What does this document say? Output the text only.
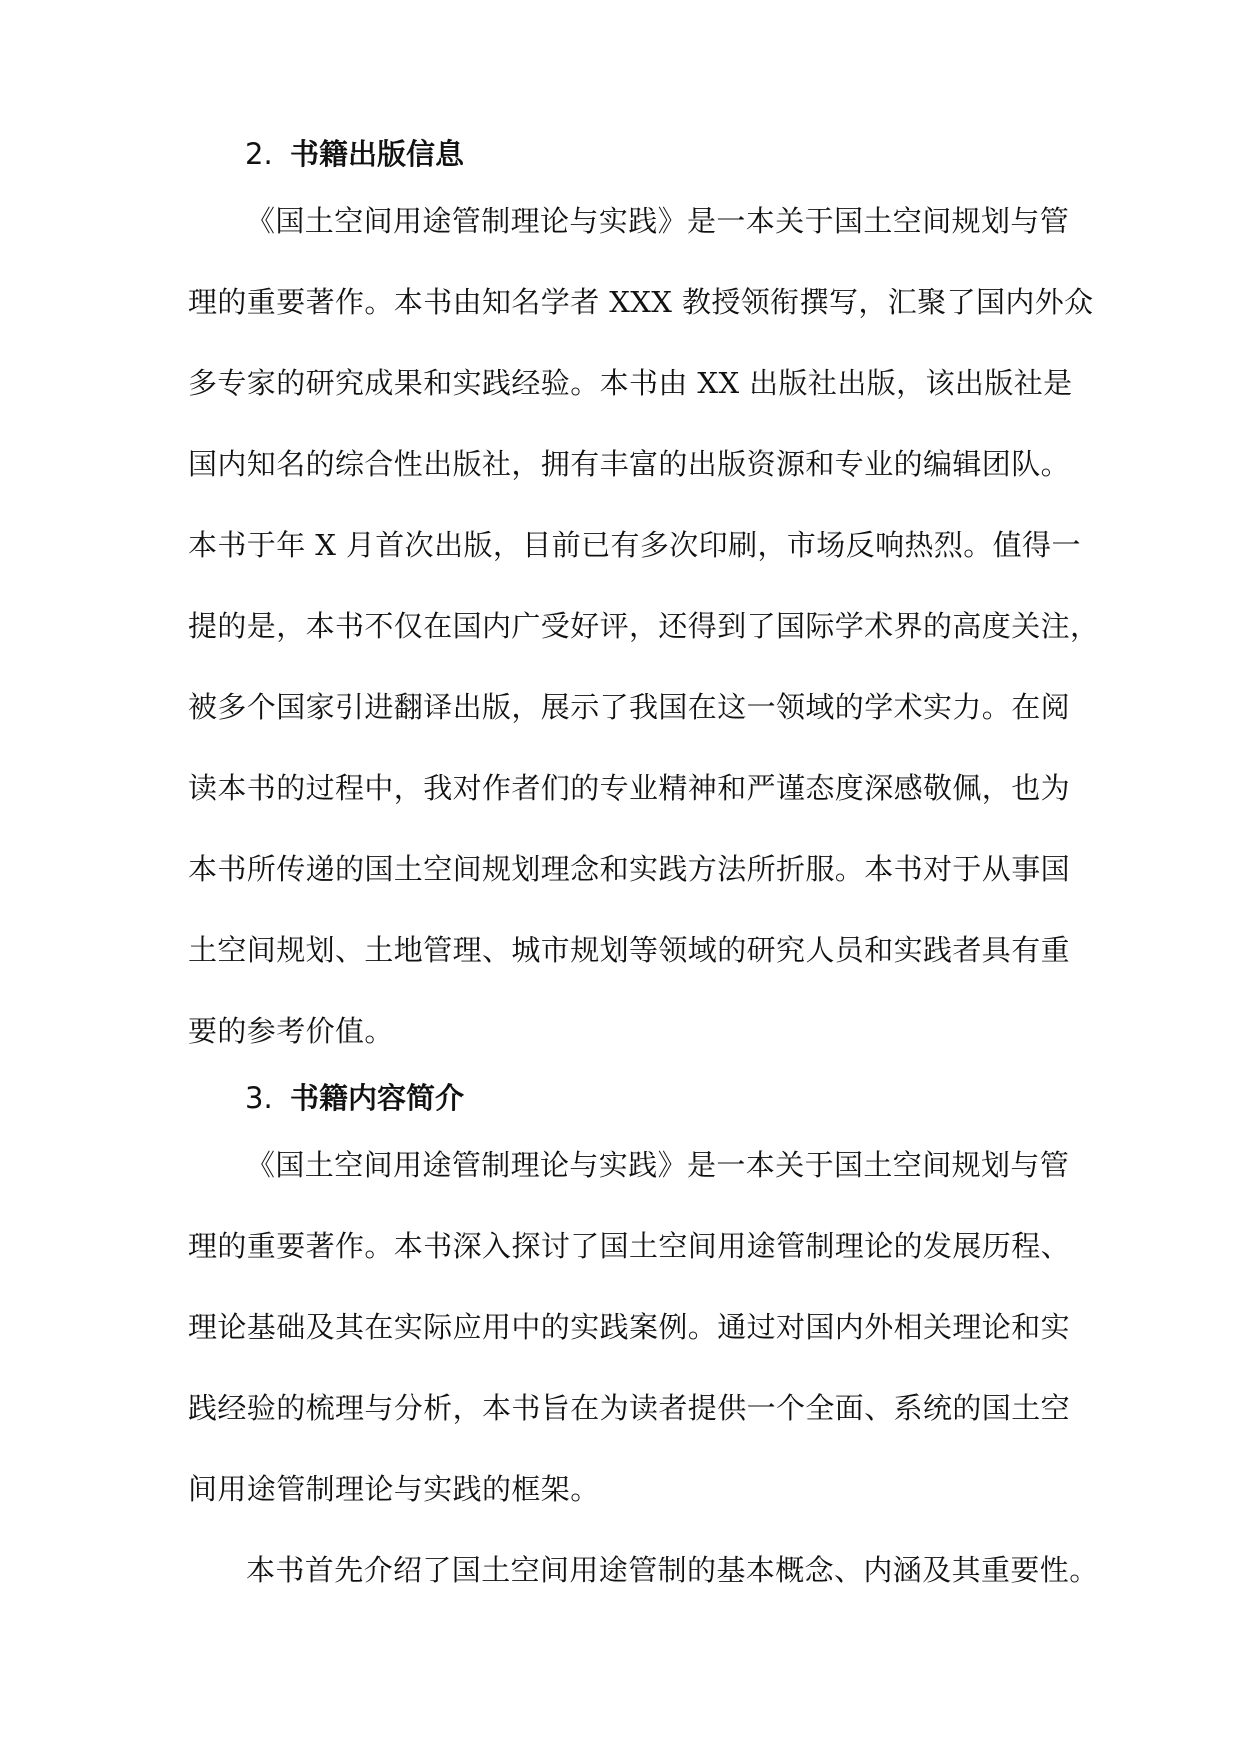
2. 书籍出版信息
《国土空间用途管制理论与实践》是一本关于国土空间规划与管
理的重要著作。本书由知名学者 XXX 教授领衔撰写，汇聚了国内外众
多专家的研究成果和实践经验。本书由 XX 出版社出版，该出版社是
国内知名的综合性出版社，拥有丰富的出版资源和专业的编辑团队。
本书于年 X 月首次出版，目前已有多次印刷，市场反响热烈。值得一
提的是，本书不仅在国内广受好评，还得到了国际学术界的高度关注，
被多个国家引进翻译出版，展示了我国在这一领域的学术实力。在阅
读本书的过程中，我对作者们的专业精神和严谨态度深感敬佩，也为
本书所传递的国土空间规划理念和实践方法所折服。本书对于从事国
土空间规划、土地管理、城市规划等领域的研究人员和实践者具有重
要的参考价值。
3. 书籍内容简介
《国土空间用途管制理论与实践》是一本关于国土空间规划与管
理的重要著作。本书深入探讨了国土空间用途管制理论的发展历程、
理论基础及其在实际应用中的实践案例。通过对国内外相关理论和实
践经验的梳理与分析，本书旨在为读者提供一个全面、系统的国土空
间用途管制理论与实践的框架。
本书首先介绍了国土空间用途管制的基本概念、内涵及其重要性。
